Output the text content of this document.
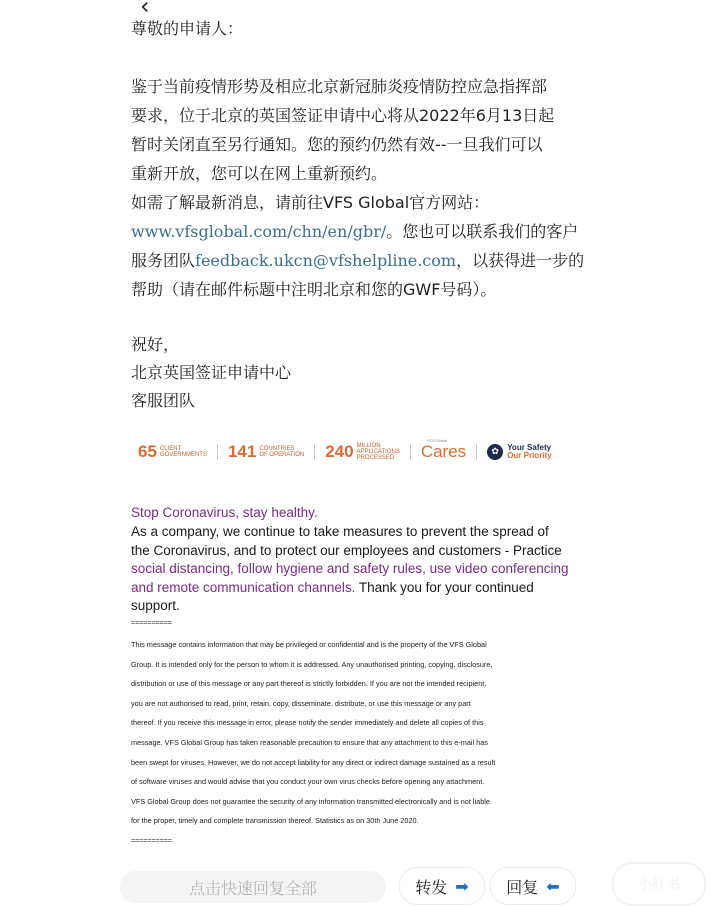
‹
尊敬的申请人：
鉴于当前疫情形势及相应北京新冠肺炎疫情防控应急指挥部
要求，位于北京的英国签证申请中心将从2022年6月13日起
暂时关闭直至另行通知。您的预约仍然有效--一旦我们可以
重新开放，您可以在网上重新预约。
如需了解最新消息，请前往VFS Global官方网站：
www.vfsglobal.com/chn/en/gbr/。您也可以联系我们的客户
服务团队feedback.ukcn@vfshelpline.com，以获得进一步的
帮助（请在邮件标题中注明北京和您的GWF号码）。
祝好，
北京英国签证申请中心
客服团队
65 CLIENT
GOVERNMENTS 141 COUNTRIES
OF OPERATION 240 MILLION
APPLICATIONS
PROCESSED
VFS.Global
Cares	✿	Your Safety
Our Priority
Stop Coronavirus, stay healthy.
As a company, we continue to take measures to prevent the spread of the Coronavirus, and to protect our employees and customers - Practice social distancing, follow hygiene and safety rules, use video conferencing and remote communication channels. Thank you for your continued support.
==========
This message contains information that may be privileged or confidential and is the property of the VFS Global
Group. It is intended only for the person to whom it is addressed. Any unauthorised printing, copying, disclosure,
distribution or use of this message or any part thereof is strictly forbidden. If you are not the intended recipient,
you are not authorised to read, print, retain, copy, disseminate, distribute, or use this message or any part
thereof. If you receive this message in error, please notify the sender immediately and delete all copies of this
message. VFS Global Group has taken reasonable precaution to ensure that any attachment to this e-mail has
been swept for viruses. However, we do not accept liability for any direct or indirect damage sustained as a result
of software viruses and would advise that you conduct your own virus checks before opening any attachment.
VFS Global Group does not guarantee the security of any information transmitted electronically and is not liable
for the proper, timely and complete transmission thereof. Statistics as on 30th June 2020.
==========
点击快速回复全部	转发 ➡ 回复 ⬅	小红书
